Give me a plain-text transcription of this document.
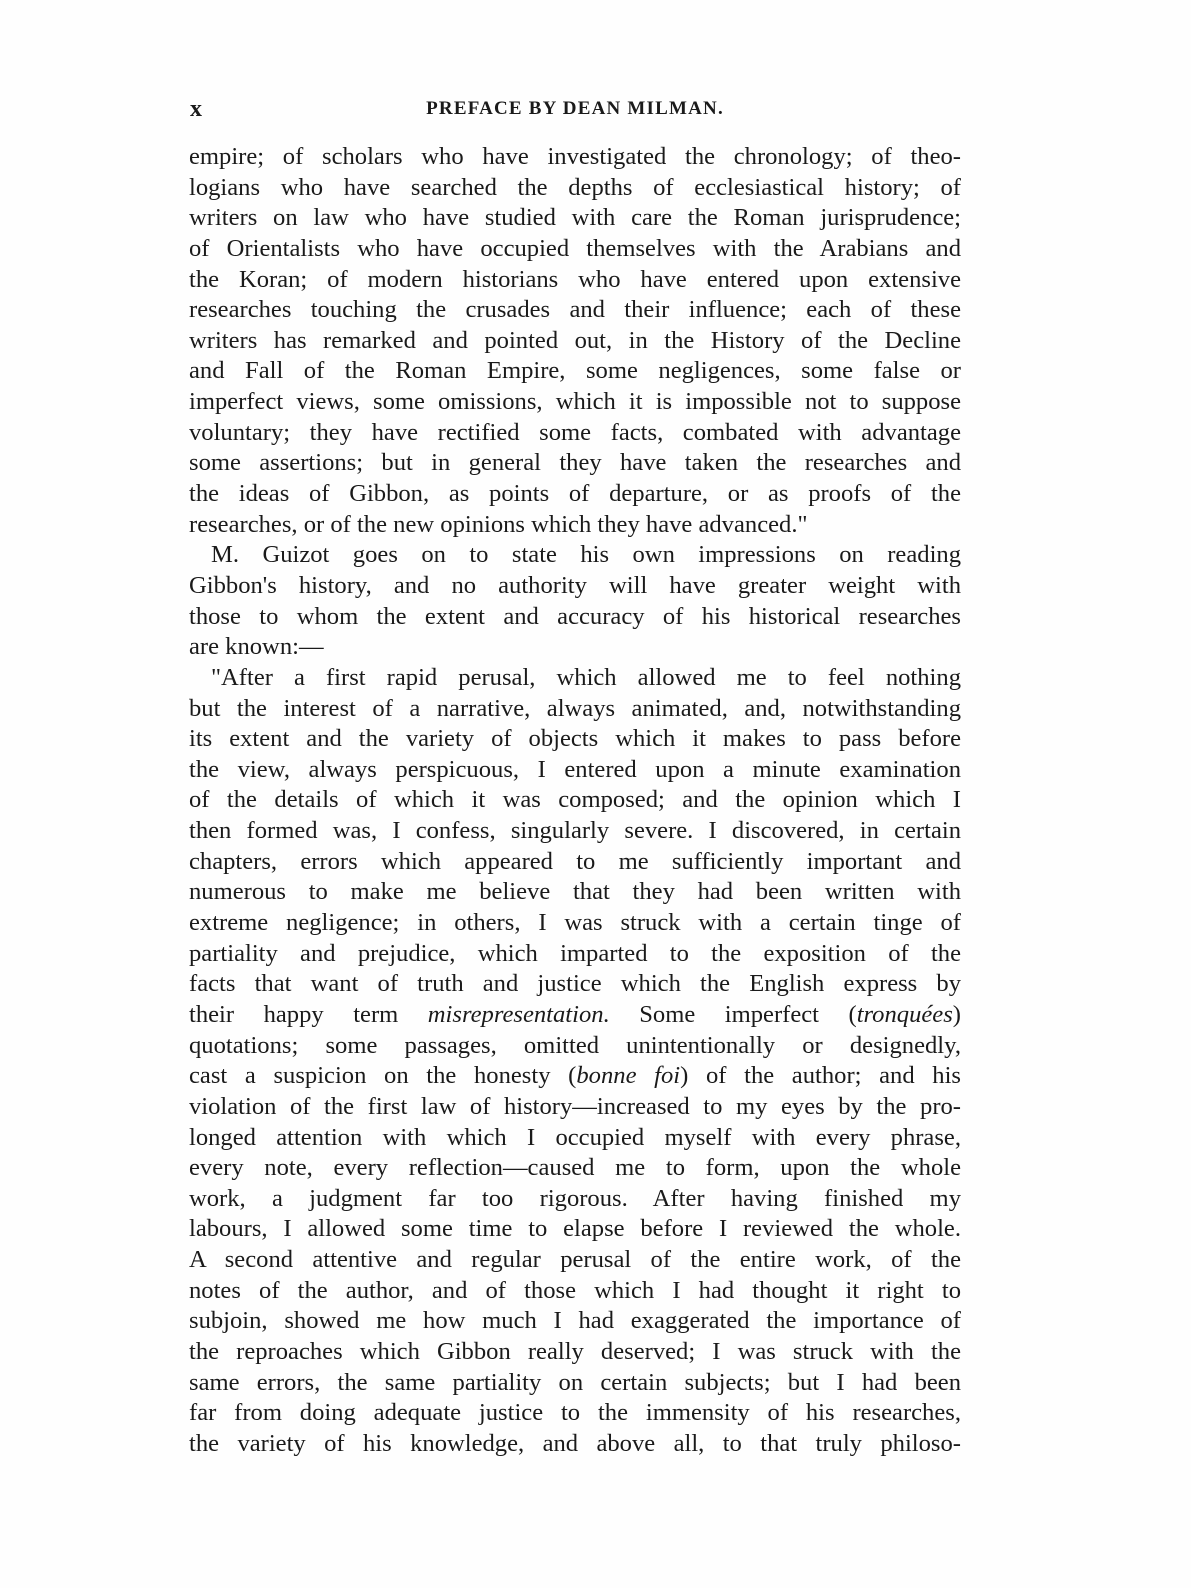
x	PREFACE BY DEAN MILMAN.
empire; of scholars who have investigated the chronology; of theo-
logians who have searched the depths of ecclesiastical history; of
writers on law who have studied with care the Roman jurisprudence;
of Orientalists who have occupied themselves with the Arabians and
the Koran; of modern historians who have entered upon extensive
researches touching the crusades and their influence; each of these
writers has remarked and pointed out, in the History of the Decline
and Fall of the Roman Empire, some negligences, some false or
imperfect views, some omissions, which it is impossible not to suppose
voluntary; they have rectified some facts, combated with advantage
some assertions; but in general they have taken the researches and
the ideas of Gibbon, as points of departure, or as proofs of the
researches, or of the new opinions which they have advanced."
M. Guizot goes on to state his own impressions on reading
Gibbon's history, and no authority will have greater weight with
those to whom the extent and accuracy of his historical researches
are known:—
"After a first rapid perusal, which allowed me to feel nothing
but the interest of a narrative, always animated, and, notwithstanding
its extent and the variety of objects which it makes to pass before
the view, always perspicuous, I entered upon a minute examination
of the details of which it was composed; and the opinion which I
then formed was, I confess, singularly severe. I discovered, in certain
chapters, errors which appeared to me sufficiently important and
numerous to make me believe that they had been written with
extreme negligence; in others, I was struck with a certain tinge of
partiality and prejudice, which imparted to the exposition of the
facts that want of truth and justice which the English express by
their happy term misrepresentation. Some imperfect (tronquées)
quotations; some passages, omitted unintentionally or designedly,
cast a suspicion on the honesty (bonne foi) of the author; and his
violation of the first law of history—increased to my eyes by the pro-
longed attention with which I occupied myself with every phrase,
every note, every reflection—caused me to form, upon the whole
work, a judgment far too rigorous. After having finished my
labours, I allowed some time to elapse before I reviewed the whole.
A second attentive and regular perusal of the entire work, of the
notes of the author, and of those which I had thought it right to
subjoin, showed me how much I had exaggerated the importance of
the reproaches which Gibbon really deserved; I was struck with the
same errors, the same partiality on certain subjects; but I had been
far from doing adequate justice to the immensity of his researches,
the variety of his knowledge, and above all, to that truly philoso-
